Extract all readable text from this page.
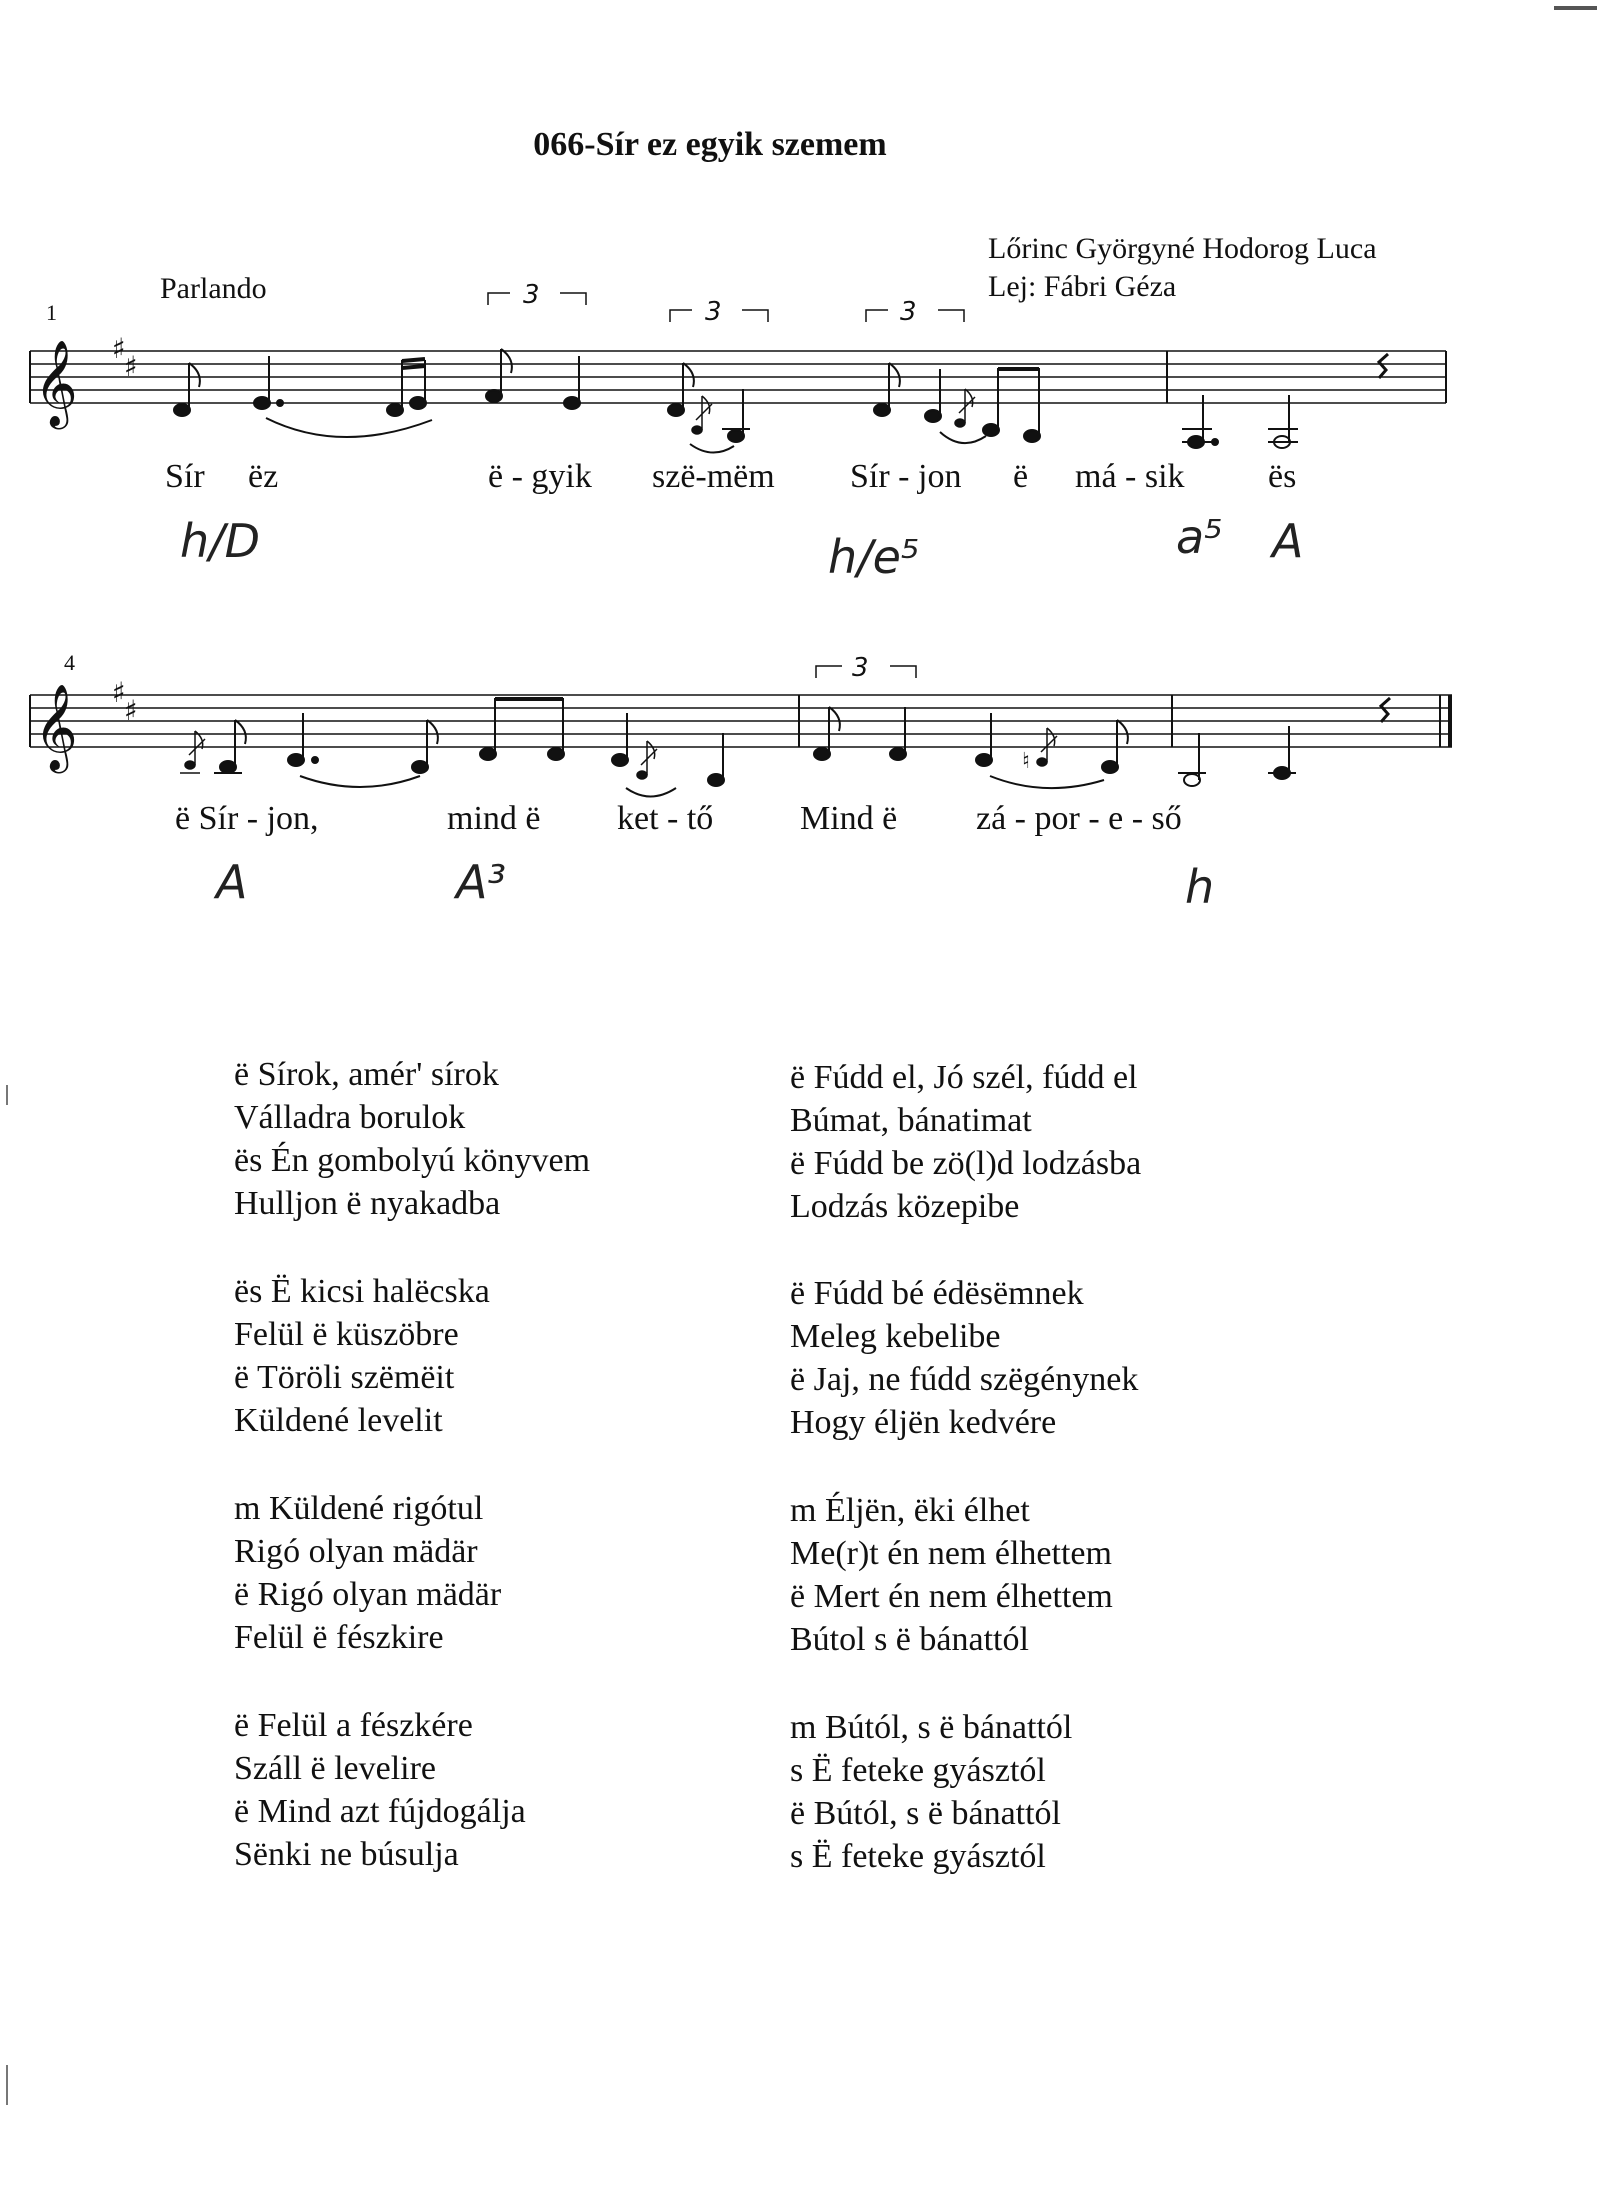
066-Sír ez egyik szemem
Lőrinc Györgyné Hodorog Luca
Lej: Fábri Géza
Parlando
1
𝄞 ♯
♯
3
3	3
Sír ëz	ë - gyik szë-mëm Sír - jon ë má - sik ës
h/D	h/e⁵	a⁵ A
4
𝄞 ♯
♯
3
♮
ë Sír - jon,	mind ë ket - tő	Mind ë zá - por - e - ső
A	A³	h
ë Sírok, amér' sírok
Válladra borulok
ës Én gombolyú könyvem
Hulljon ë nyakadba
ës Ë kicsi halëcska
Felül ë küszöbre
ë Töröli szëmëit
Küldené levelit
m Küldené rigótul
Rigó olyan mädär
ë Rigó olyan mädär
Felül ë fészkire
ë Felül a fészkére
Száll ë levelire
ë Mind azt fújdogálja
Sënki ne búsulja
ë Fúdd el, Jó szél, fúdd el
Búmat, bánatimat
ë Fúdd be zö(l)d lodzásba
Lodzás közepibe
ë Fúdd bé édësëmnek
Meleg kebelibe
ë Jaj, ne fúdd szëgénynek
Hogy éljën kedvére
m Éljën, ëki élhet
Me(r)t én nem élhettem
ë Mert én nem élhettem
Bútol s ë bánattól
m Bútól, s ë bánattól
s Ë feteke gyásztól
ë Bútól, s ë bánattól
s Ë feteke gyásztól
